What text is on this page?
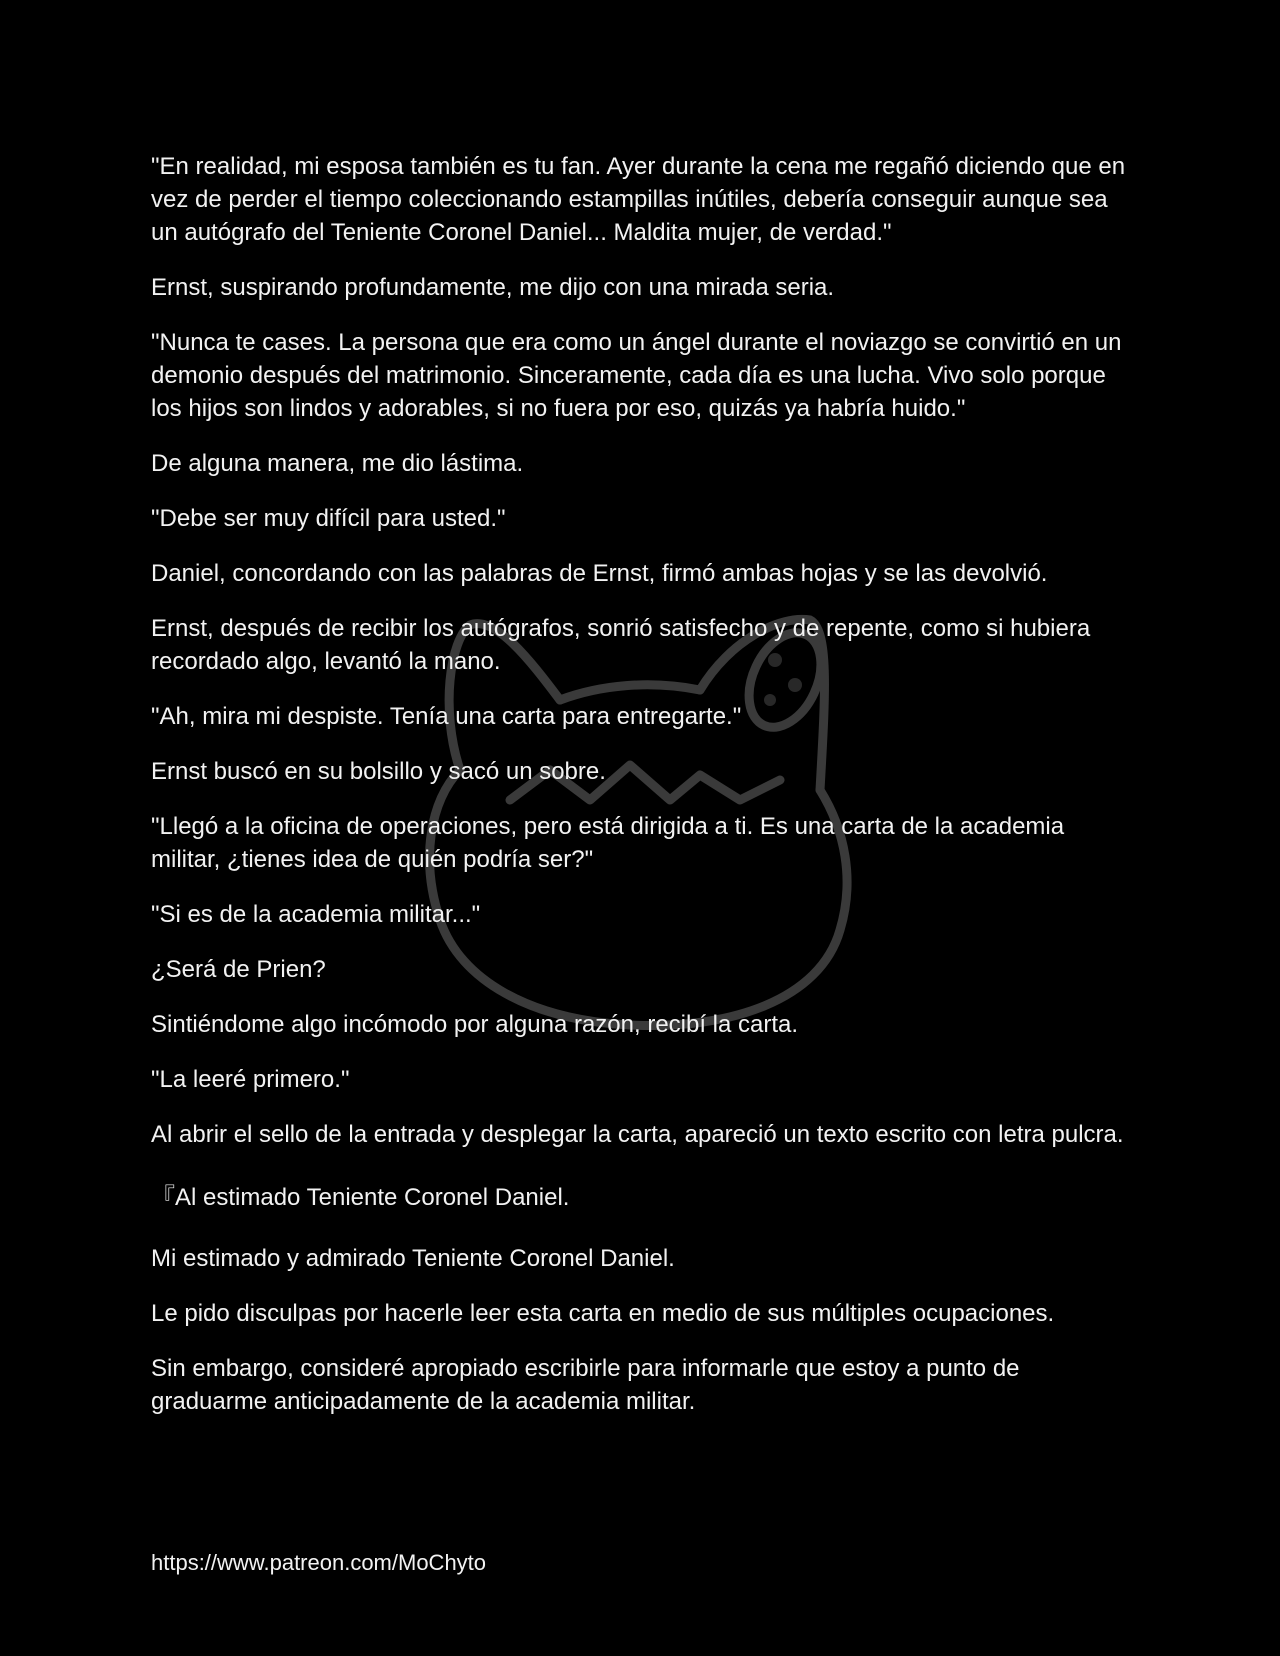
"En realidad, mi esposa también es tu fan. Ayer durante la cena me regañó diciendo que en vez de perder el tiempo coleccionando estampillas inútiles, debería conseguir aunque sea un autógrafo del Teniente Coronel Daniel... Maldita mujer, de verdad."

Ernst, suspirando profundamente, me dijo con una mirada seria.

"Nunca te cases. La persona que era como un ángel durante el noviazgo se convirtió en un demonio después del matrimonio. Sinceramente, cada día es una lucha. Vivo solo porque los hijos son lindos y adorables, si no fuera por eso, quizás ya habría huido."

De alguna manera, me dio lástima.

"Debe ser muy difícil para usted."

Daniel, concordando con las palabras de Ernst, firmó ambas hojas y se las devolvió.

Ernst, después de recibir los autógrafos, sonrió satisfecho y de repente, como si hubiera recordado algo, levantó la mano.

"Ah, mira mi despiste. Tenía una carta para entregarte."

Ernst buscó en su bolsillo y sacó un sobre.

"Llegó a la oficina de operaciones, pero está dirigida a ti. Es una carta de la academia militar, ¿tienes idea de quién podría ser?"

"Si es de la academia militar..."

¿Será de Prien?

Sintiéndome algo incómodo por alguna razón, recibí la carta.

"La leeré primero."

Al abrir el sello de la entrada y desplegar la carta, apareció un texto escrito con letra pulcra.

『Al estimado Teniente Coronel Daniel.

Mi estimado y admirado Teniente Coronel Daniel.

Le pido disculpas por hacerle leer esta carta en medio de sus múltiples ocupaciones.

Sin embargo, consideré apropiado escribirle para informarle que estoy a punto de graduarme anticipadamente de la academia militar.

https://www.patreon.com/MoChyto
